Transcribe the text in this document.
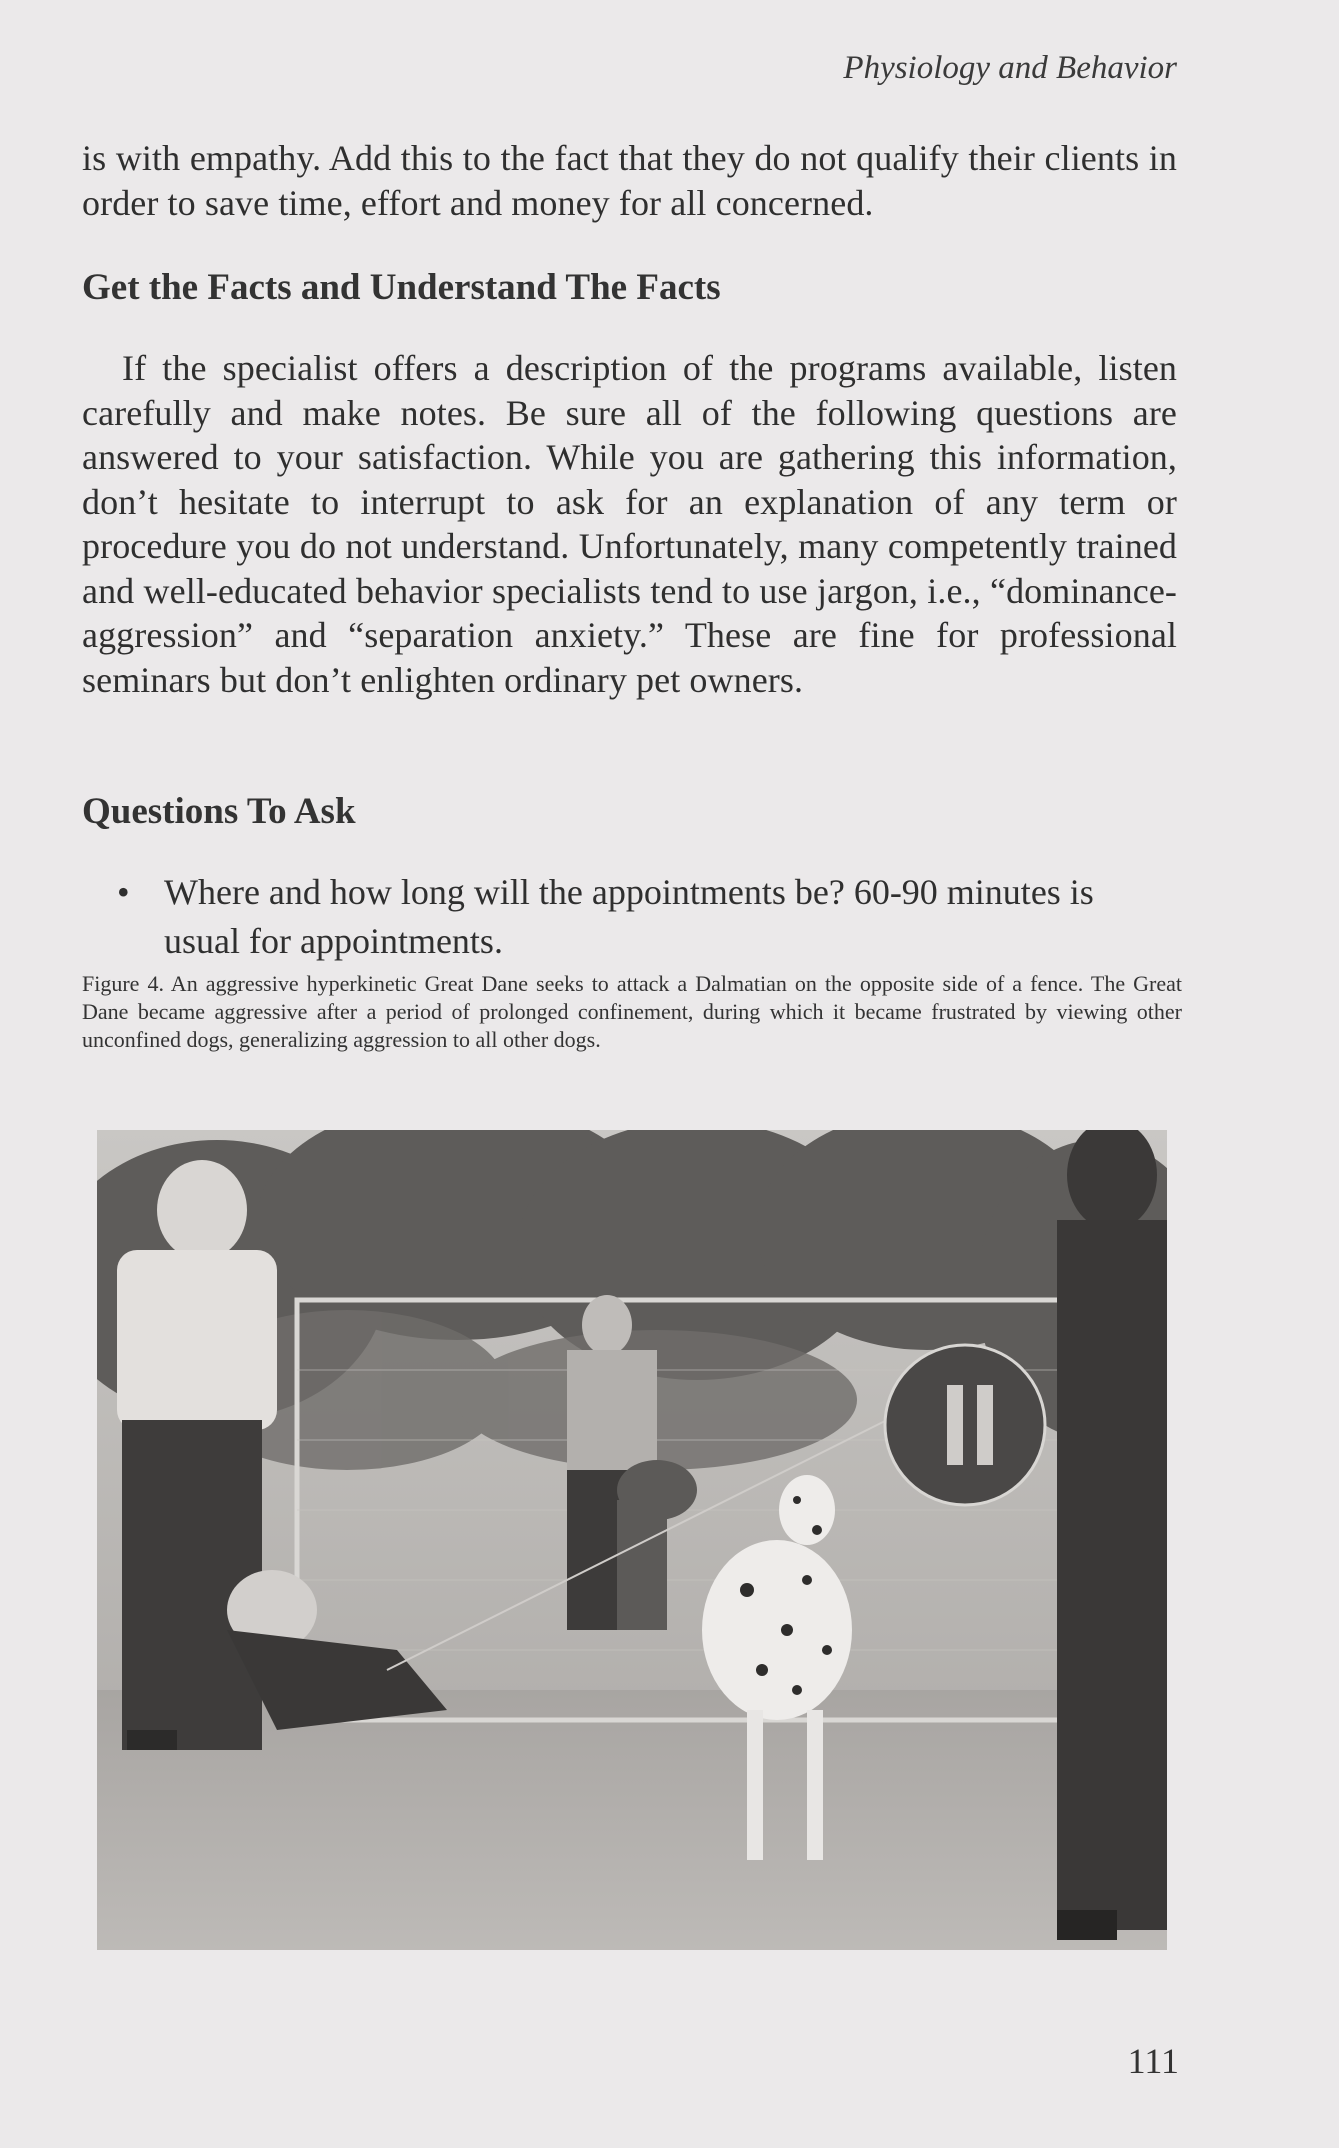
Physiology and Behavior

is with empathy. Add this to the fact that they do not qualify their clients in order to save time, effort and money for all concerned.

Get the Facts and Understand The Facts

If the specialist offers a description of the programs available, listen carefully and make notes. Be sure all of the following questions are answered to your satisfaction. While you are gathering this information, don’t hesitate to interrupt to ask for an explanation of any term or procedure you do not understand. Unfortunately, many competently trained and well-educated behavior specialists tend to use jargon, i.e., “dominance-aggression” and “separation anxiety.” These are fine for professional seminars but don’t enlighten ordinary pet owners.

Questions To Ask
• Where and how long will the appointments be? 60-90 minutes is usual for appointments.

Figure 4. An aggressive hyperkinetic Great Dane seeks to attack a Dalmatian on the opposite side of a fence. The Great Dane became aggressive after a period of prolonged confinement, during which it became frustrated by viewing other unconfined dogs, generalizing aggression to all other dogs.

111
